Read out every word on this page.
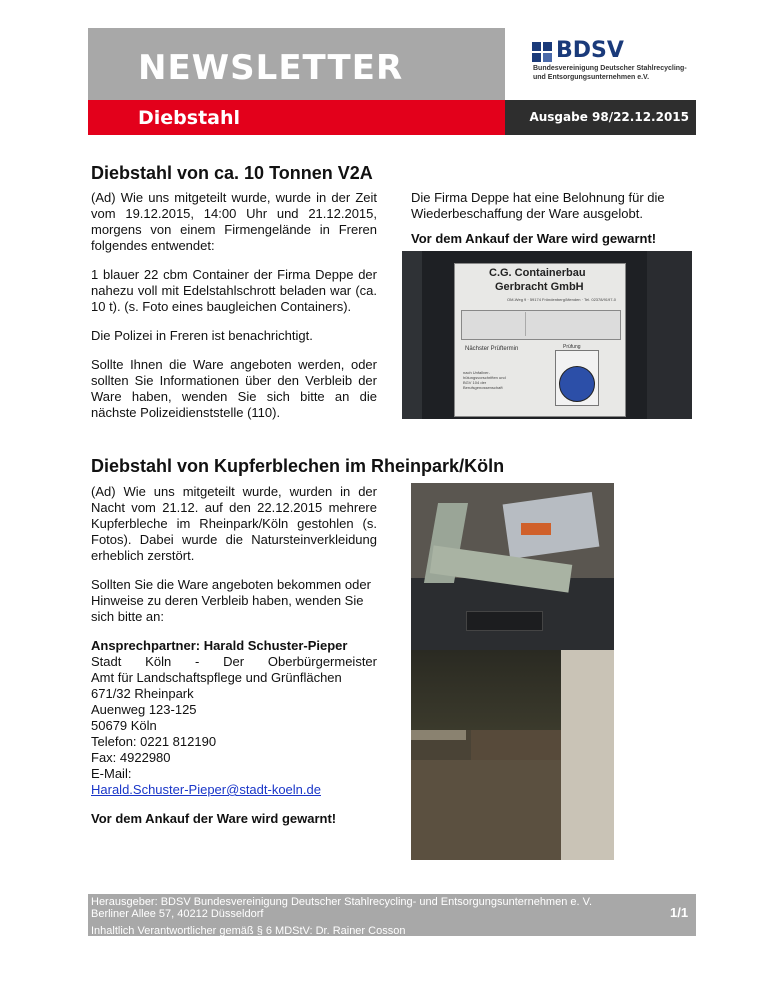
NEWSLETTER
Diebstahl	Ausgabe 98/22.12.2015
BDSV
Bundesvereinigung Deutscher Stahlrecycling-
und Entsorgungsunternehmen e.V.
Diebstahl von ca. 10 Tonnen V2A

(Ad) Wie uns mitgeteilt wurde, wurde in der Zeit vom 19.12.2015, 14:00 Uhr und 21.12.2015, morgens von einem Firmengelände in Freren folgendes entwendet:

1 blauer 22 cbm Container der Firma Deppe der nahezu voll mit Edelstahlschrott beladen war (ca. 10 t). (s. Foto eines baugleichen Containers).

Die Polizei in Freren ist benachrichtigt.

Sollte Ihnen die Ware angeboten werden, oder sollten Sie Informationen über den Verbleib der Ware haben, wenden Sie sich bitte an die nächste Polizeidienststelle (110).

Die Firma Deppe hat eine Belohnung für die Wiederbeschaffung der Ware ausgelobt.

Vor dem Ankauf der Ware wird gewarnt!

C.G. Containerbau
Gerbracht GmbH
OM-Weg 9 · 59174 Fröndenberg/Menden · Tel. 02378/9197-0
Nächster Prüftermin
nach Unfallver-hütungsvorschriften und BGV 104 der Berufsgenossenschaft
Prüfung
Diebstahl von Kupferblechen im Rheinpark/Köln

(Ad) Wie uns mitgeteilt wurde, wurden in der Nacht vom 21.12. auf den 22.12.2015 mehrere Kupferbleche im Rheinpark/Köln gestohlen (s. Fotos). Dabei wurde die Natursteinverkleidung erheblich zerstört.

Sollten Sie die Ware angeboten bekommen oder Hinweise zu deren Verbleib haben, wenden Sie sich bitte an:

Ansprechpartner: Harald Schuster-Pieper

Stadt Köln - Der Oberbürgermeister

Amt für Landschaftspflege und Grünflächen

671/32 Rheinpark

Auenweg 123-125

50679 Köln

Telefon: 0221 812190

Fax: 4922980

E-Mail:

Harald.Schuster-Pieper@stadt-koeln.de

Vor dem Ankauf der Ware wird gewarnt!

Herausgeber: BDSV Bundesvereinigung Deutscher Stahlrecycling- und Entsorgungsunternehmen e. V.
Berliner Allee 57, 40212 Düsseldorf
Inhaltlich Verantwortlicher gemäß § 6 MDStV: Dr. Rainer Cosson
1/1
